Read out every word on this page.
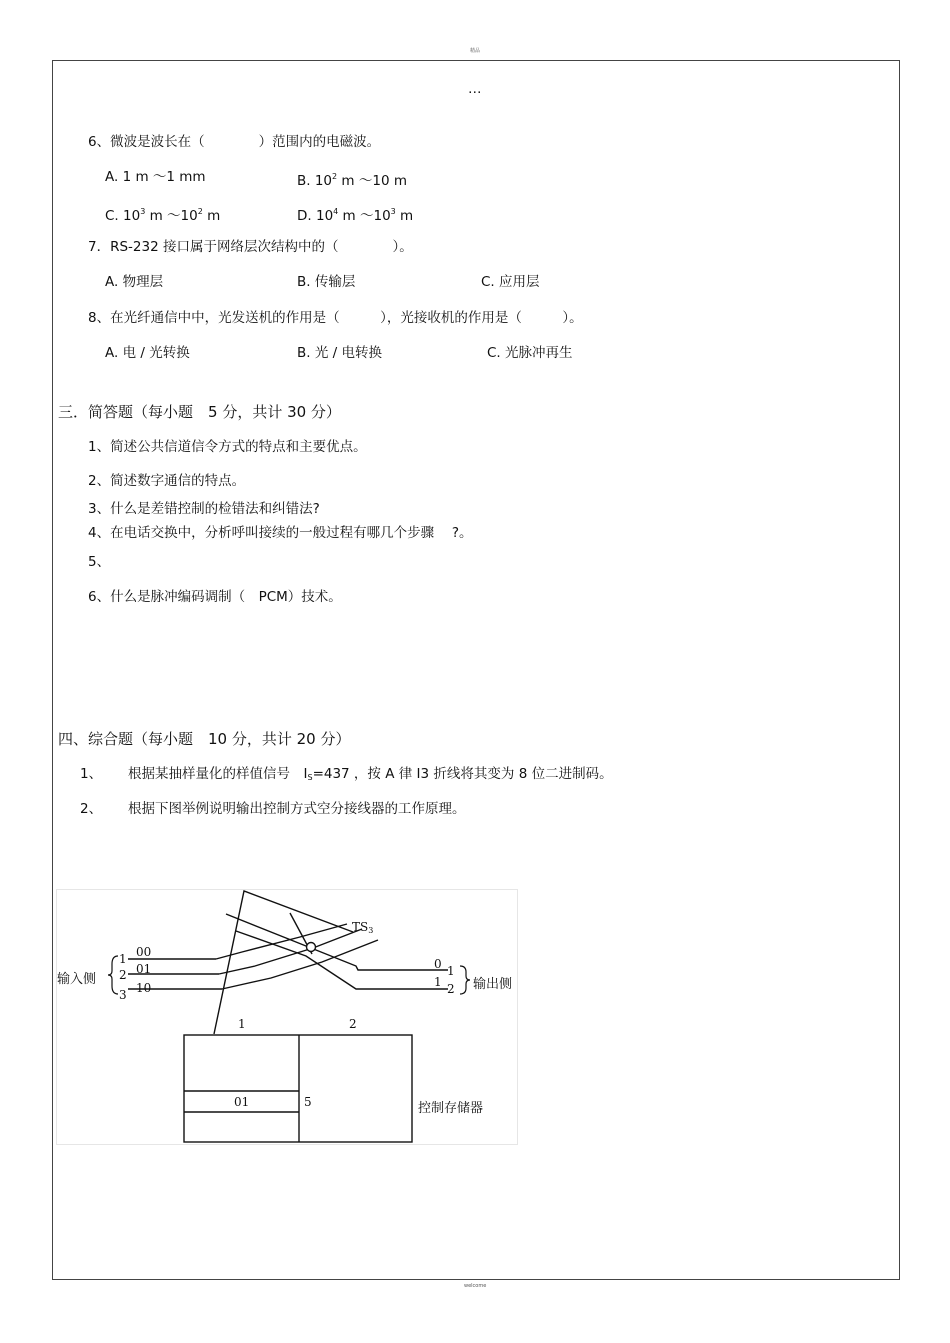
精品
welcome
…
6、微波是波长在（　　　　）范围内的电磁波。
A. 1 m ～1 mm	B. $10^2$ m ～10 m
C. $10^3$ m $\sim 10^2$ m	D. $10^4$ m $\sim 10^3$ m
7．RS-232 接口属于网络层次结构中的（　　　　）。
A. 物理层	B. 传输层	C. 应用层
8、在光纤通信中中，光发送机的作用是（　　　），光接收机的作用是（　　　）。
A. 电 / 光转换	B. 光 / 电转换	C. 光脉冲再生
三．简答题（每小题　5 分，共计 30 分）
1、简述公共信道信令方式的特点和主要优点。
2、简述数字通信的特点。
3、什么是差错控制的检错法和纠错法?
4、在电话交换中，分析呼叫接续的一般过程有哪几个步骤　 ?。
5、
6、什么是脉冲编码调制（　PCM）技术。
四、综合题（每小题　10 分，共计 20 分）
1、 根据某抽样量化的样值信号　$I_S=437$ ，按 A 律 I3 折线将其变为 8 位二进制码。
2、 根据下图举例说明输出控制方式空分接线器的工作原理。
输入侧	输出侧
$TS_3$
1
2
3
00
01
10
0
1
1
2
1	2
01	5	控制存储器
